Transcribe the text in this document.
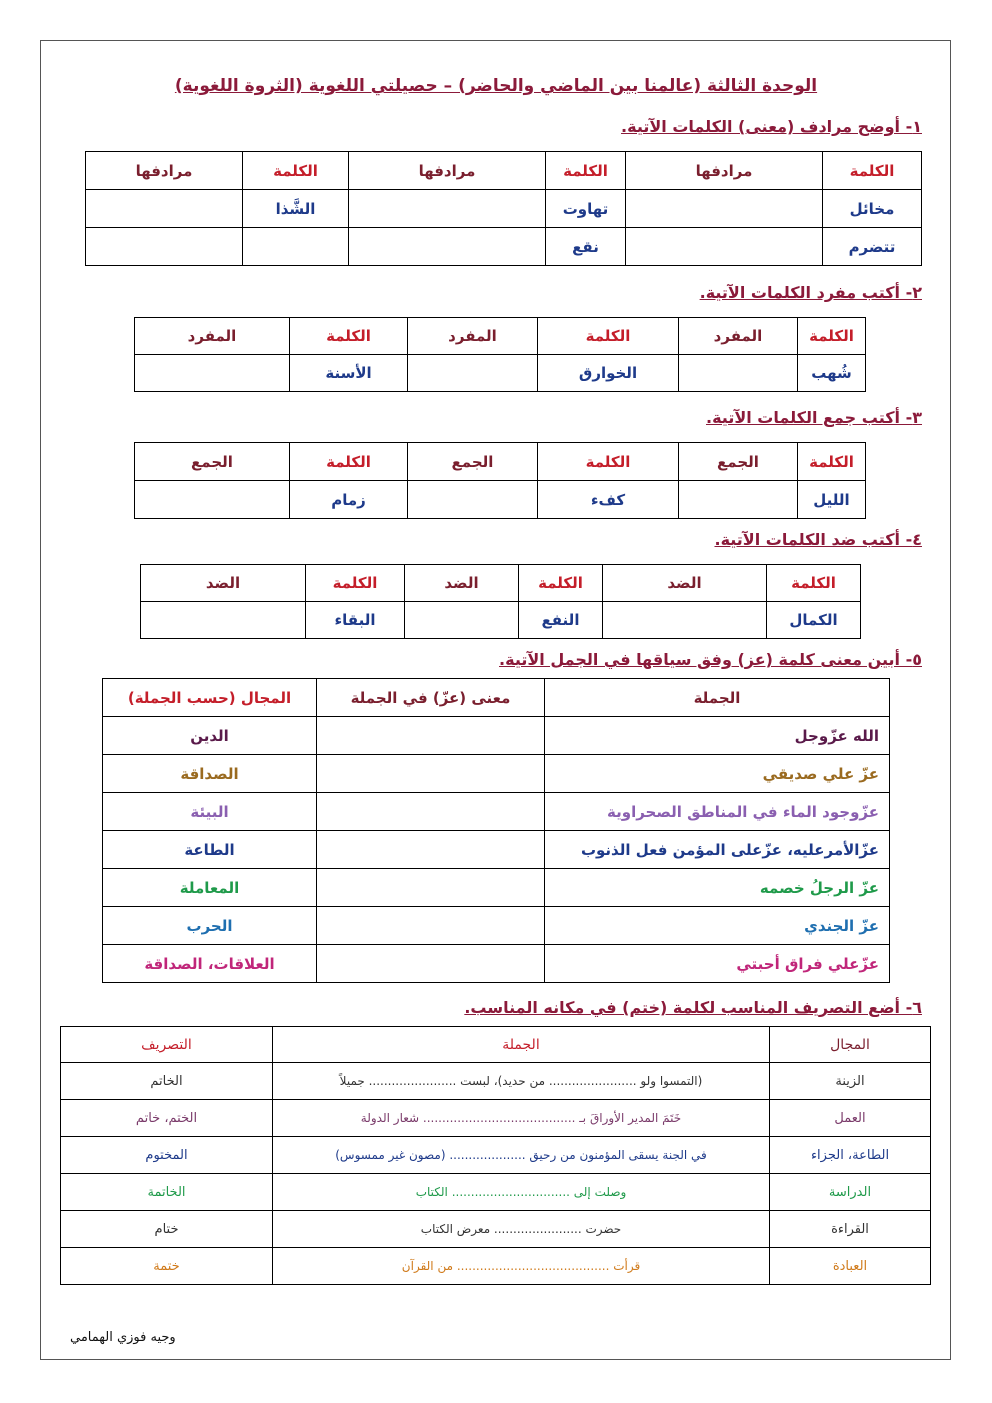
الوحدة الثالثة (عالمنا بين الماضي والحاضر) – حصيلتي اللغوية (الثروة اللغوية)
١- أوضح مرادف (معنى) الكلمات الآتية.
الكلمة	مرادفها	الكلمة	مرادفها	الكلمة	مرادفها
مخائل		تهاوت		الشَّذا	
تتضرم		نقع			
٢- أكتب مفرد الكلمات الآتية.
الكلمة	المفرد	الكلمة	المفرد	الكلمة	المفرد
شُهب		الخوارق		الأسنة	
٣- أكتب جمع الكلمات الآتية.
الكلمة	الجمع	الكلمة	الجمع	الكلمة	الجمع
الليل		كفء		زمام	
٤- أكتب ضد الكلمات الآتية.
الكلمة	الضد	الكلمة	الضد	الكلمة	الضد
الكمال		النفع		البقاء	
٥- أبين معنى كلمة (عز) وفق سياقها في الجمل الآتية.
الجملة	معنى (عزّ) في الجملة	المجال (حسب الجملة)
الله عزّوجل		الدين
عزّ علي صديقي		الصداقة
عزّوجود الماء في المناطق الصحراوية		البيئة
عزّالأمرعليه، عزّعلى المؤمن فعل الذنوب		الطاعة
عزّ الرجلُ خصمه		المعاملة
عزّ الجندي		الحرب
عزّعلي فراق أحبتي		العلاقات، الصداقة
٦- أضع التصريف المناسب لكلمة (ختم) في مكانه المناسب.
المجال	الجملة	التصريف
الزينة	(التمسوا ولو ....................... من حديد)، لبست ....................... جميلاً	الخاتم
العمل	خَتَمَ المدير الأوراقَ بـ ........................................ شعار الدولة	الختم، خاتم
الطاعة، الجزاء	في الجنة يسقى المؤمنون من رحيق .................... (مصون غير ممسوس)	المختوم
الدراسة	وصلت إلى ............................... الكتاب	الخاتمة
القراءة	حضرت ....................... معرض الكتاب	ختام
العبادة	قرأت ........................................ من القرآن	ختمة
وجيه فوزي الهمامي
